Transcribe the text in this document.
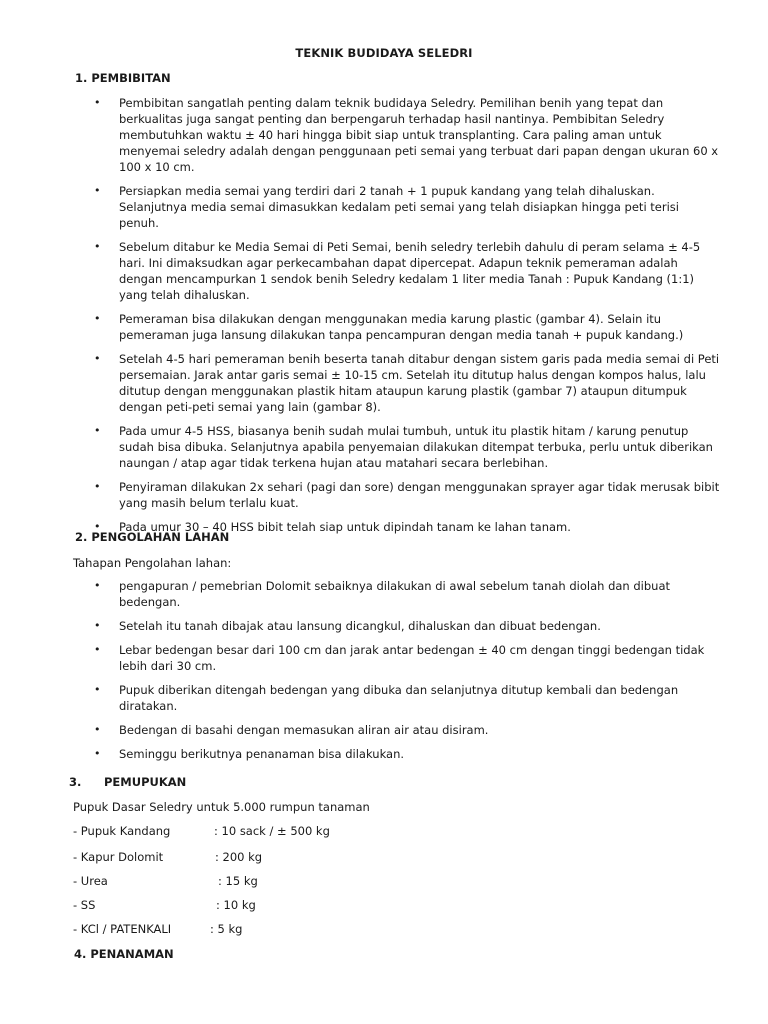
TEKNIK BUDIDAYA SELEDRI
1. PEMBIBITAN
• Pembibitan sangatlah penting dalam teknik budidaya Seledry. Pemilihan benih yang tepat dan berkualitas juga sangat penting dan berpengaruh terhadap hasil nantinya. Pembibitan Seledry membutuhkan waktu ± 40 hari hingga bibit siap untuk transplanting. Cara paling aman untuk menyemai seledry adalah dengan penggunaan peti semai yang terbuat dari papan dengan ukuran 60 x 100 x 10 cm.
• Persiapkan media semai yang terdiri dari 2 tanah + 1 pupuk kandang yang telah dihaluskan. Selanjutnya media semai dimasukkan kedalam peti semai yang telah disiapkan hingga peti terisi penuh.
• Sebelum ditabur ke Media Semai di Peti Semai, benih seledry terlebih dahulu di peram selama ± 4-5 hari. Ini dimaksudkan agar perkecambahan dapat dipercepat. Adapun teknik pemeraman adalah dengan mencampurkan 1 sendok benih Seledry kedalam 1 liter media Tanah : Pupuk Kandang (1:1) yang telah dihaluskan.
• Pemeraman bisa dilakukan dengan menggunakan media karung plastic (gambar 4). Selain itu pemeraman juga lansung dilakukan tanpa pencampuran dengan media tanah + pupuk kandang.)
• Setelah 4-5 hari pemeraman benih beserta tanah ditabur dengan sistem garis pada media semai di Peti persemaian. Jarak antar garis semai ± 10-15 cm. Setelah itu ditutup halus dengan kompos halus, lalu ditutup dengan menggunakan plastik hitam ataupun karung plastik (gambar 7) ataupun ditumpuk dengan peti-peti semai yang lain (gambar 8).
• Pada umur 4-5 HSS, biasanya benih sudah mulai tumbuh, untuk itu plastik hitam / karung penutup sudah bisa dibuka. Selanjutnya apabila penyemaian dilakukan ditempat terbuka, perlu untuk diberikan naungan / atap agar tidak terkena hujan atau matahari secara berlebihan.
• Penyiraman dilakukan 2x sehari (pagi dan sore) dengan menggunakan sprayer agar tidak merusak bibit yang masih belum terlalu kuat.
• Pada umur 30 – 40 HSS bibit telah siap untuk dipindah tanam ke lahan tanam.
2. PENGOLAHAN LAHAN
Tahapan Pengolahan lahan:
• pengapuran / pemebrian Dolomit sebaiknya dilakukan di awal sebelum tanah diolah dan dibuat bedengan.
• Setelah itu tanah dibajak atau lansung dicangkul, dihaluskan dan dibuat bedengan.
• Lebar bedengan besar dari 100 cm dan jarak antar bedengan ± 40 cm dengan tinggi bedengan tidak lebih dari 30 cm.
• Pupuk diberikan ditengah bedengan yang dibuka dan selanjutnya ditutup kembali dan bedengan diratakan.
• Bedengan di basahi dengan memasukan aliran air atau disiram.
• Seminggu berikutnya penanaman bisa dilakukan.
3. PEMUPUKAN
Pupuk Dasar Seledry untuk 5.000 rumpun tanaman
- Pupuk Kandang	: 10 sack / ± 500 kg
- Kapur Dolomit	: 200 kg
- Urea	: 15 kg
- SS	: 10 kg
- KCl / PATENKALI	: 5 kg
4. PENANAMAN
